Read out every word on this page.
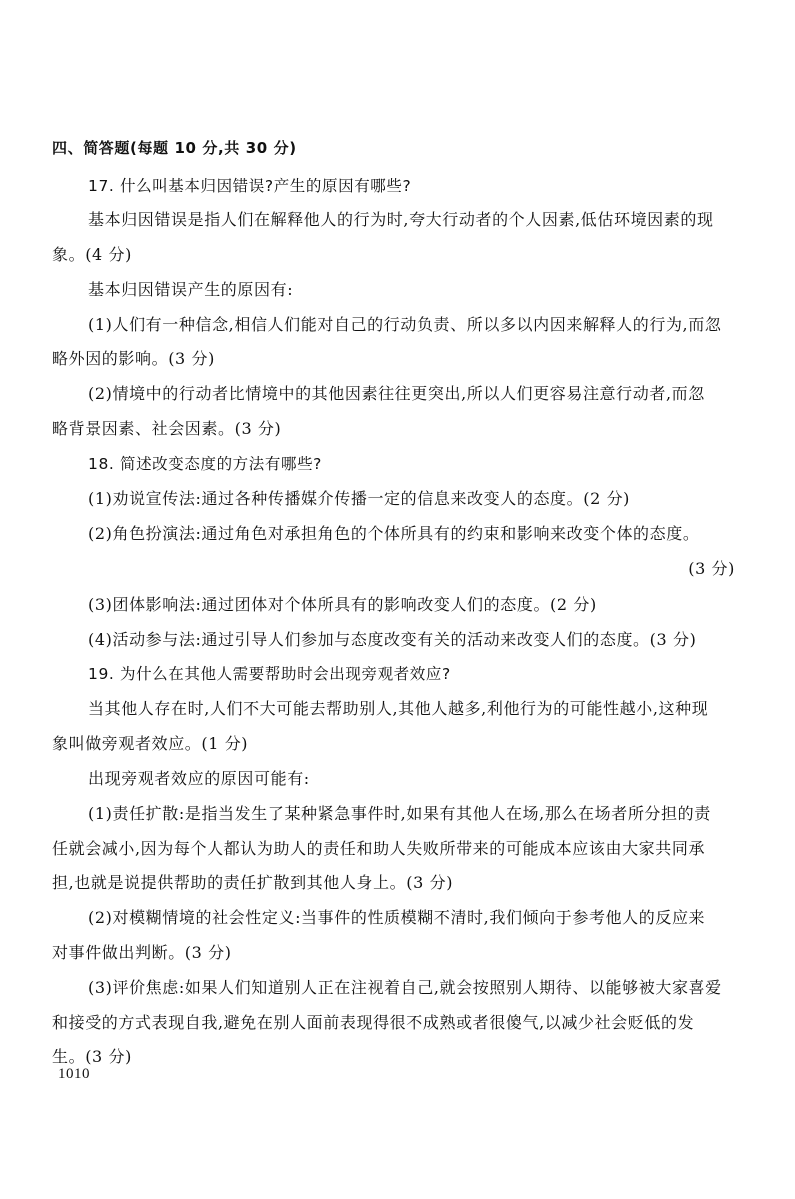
四、简答题(每题 10 分,共 30 分)
17. 什么叫基本归因错误?产生的原因有哪些?
基本归因错误是指人们在解释他人的行为时,夸大行动者的个人因素,低估环境因素的现
象。(4 分)
基本归因错误产生的原因有:
(1)人们有一种信念,相信人们能对自己的行动负责、所以多以内因来解释人的行为,而忽
略外因的影响。(3 分)
(2)情境中的行动者比情境中的其他因素往往更突出,所以人们更容易注意行动者,而忽
略背景因素、社会因素。(3 分)
18. 简述改变态度的方法有哪些?
(1)劝说宣传法:通过各种传播媒介传播一定的信息来改变人的态度。(2 分)
(2)角色扮演法:通过角色对承担角色的个体所具有的约束和影响来改变个体的态度。
(3 分)
(3)团体影响法:通过团体对个体所具有的影响改变人们的态度。(2 分)
(4)活动参与法:通过引导人们参加与态度改变有关的活动来改变人们的态度。(3 分)
19. 为什么在其他人需要帮助时会出现旁观者效应?
当其他人存在时,人们不大可能去帮助别人,其他人越多,利他行为的可能性越小,这种现
象叫做旁观者效应。(1 分)
出现旁观者效应的原因可能有:
(1)责任扩散:是指当发生了某种紧急事件时,如果有其他人在场,那么在场者所分担的责
任就会减小,因为每个人都认为助人的责任和助人失败所带来的可能成本应该由大家共同承
担,也就是说提供帮助的责任扩散到其他人身上。(3 分)
(2)对模糊情境的社会性定义:当事件的性质模糊不清时,我们倾向于参考他人的反应来
对事件做出判断。(3 分)
(3)评价焦虑:如果人们知道别人正在注视着自己,就会按照别人期待、以能够被大家喜爱
和接受的方式表现自我,避免在别人面前表现得很不成熟或者很傻气,以减少社会贬低的发
生。(3 分)
1010
